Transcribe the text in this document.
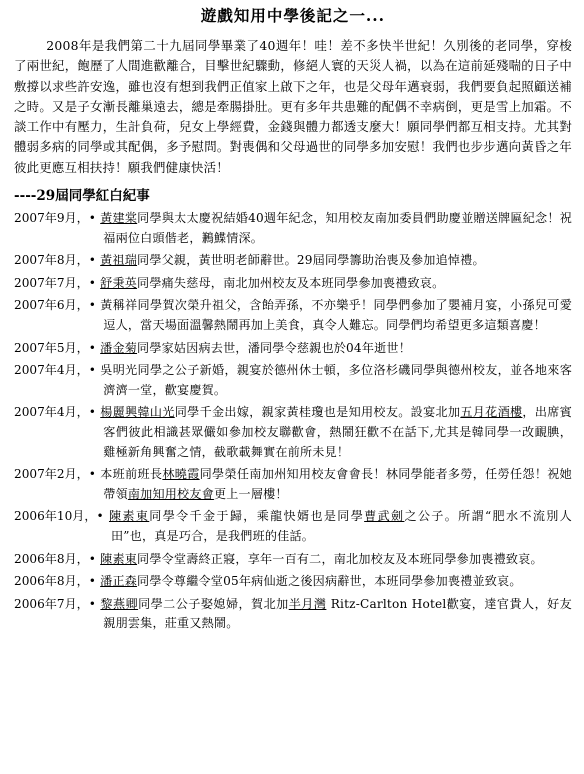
遊戲知用中學後記之一...

2008年是我們第二十九屆同學畢業了40週年！哇！差不多快半世紀！久別後的老同學，穿梭了兩世紀，飽歷了人間進歡離合，目擊世紀驟動，修絕人寰的天災人禍，以為在這前延殘喘的日子中敷撐以求些許安逸，雖也沒有想到我們正值家上啟下之年，也是父母年邁衰弱，我們要負起照顧送補之時。又是子女漸長離巢遠去，總是牽腸掛肚。更有多年共患難的配偶不幸病倒，更是雪上加霜。不談工作中有壓力，生計負荷，兒女上學經費，金錢與體力都透支麼大！願同學們都互相支持。尤其對體弱多病的同學或其配偶，多予慰問。對喪偶和父母過世的同學多加安慰！我們也步步邁向黃昏之年彼此更應互相扶持！願我們健康快活！

----29屆同學紅白紀事
2007年9月， • 黃建棠同學與太太慶祝結婚40週年紀念，知用校友南加委員們助慶並贈送牌匾紀念！祝福兩位白頭偕老，鶼鰈情深。
2007年8月， • 黃祖瑞同學父親，黃世明老師辭世。29屆同學籌助治喪及參加追悼禮。
2007年7月， • 舒秉英同學痛失慈母，南北加州校友及本班同學參加喪禮致哀。
2007年6月， • 黃稱祥同學賀次榮升祖父，含飴弄孫，不亦樂乎！同學們參加了嬰補月宴，小孫兒可愛逗人，當天場面溫馨熱鬧再加上美食，真令人難忘。同學們均希望更多這類喜慶！
2007年5月， • 潘金菊同學家姑因病去世，潘同學令慈親也於04年逝世！
2007年4月， • 吳明光同學之公子新婚，親宴於德州休士頓，多位洛杉磯同學與德州校友，並各地來客濟濟一堂，歡宴慶賀。
2007年4月， • 楊麗興韓山光同學千金出嫁，親家黃桂瓊也是知用校友。設宴北加五月花酒樓，出席賓客們彼此相識甚眾儼如參加校友聯歡會，熱鬧狂歡不在話下,尤其是韓同學一改靦腆，雞極新角興奮之情，截歌載舞實在前所未見！
2007年2月， • 本班前班長林曉霞同學榮任南加州知用校友會會長！林同學能者多勞，任勞任怨！祝她帶領南加知用校友會更上一層樓！
2006年10月， • 陳素東同學令千金于歸，乘龍快婿也是同學曹武劍之公子。所謂“肥水不流別人田”也，真是巧合，是我們班的佳話。
2006年8月， • 陳素東同學令堂壽終正寢，享年一百有二，南北加校友及本班同學參加喪禮致哀。
2006年8月， • 潘正森同學令尊繼令堂05年病仙逝之後因病辭世，本班同學參加喪禮並致哀。
2006年7月， • 黎燕卿同學二公子娶媳婦，賀北加半月灣 Ritz-Carlton Hotel歡宴，達官貴人，好友親朋雲集，莊重又熱鬧。
